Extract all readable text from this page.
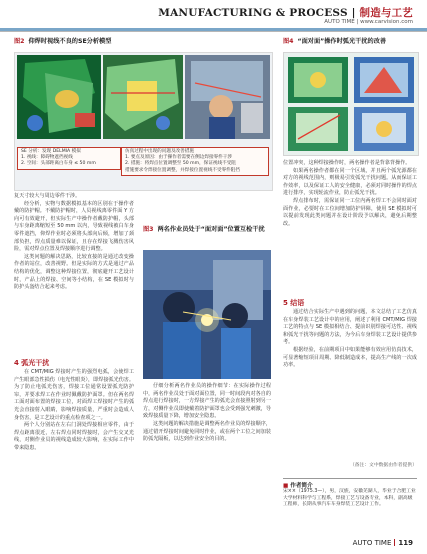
MANUFACTURING & PROCESS | 制造与工艺
AUTO TIME | www.carvision.com
图2 仰焊时视线不良的SE分析模型
SE 分析：发现 DELMIA 模拟
1. 视线：障碍物遮挡视线
2. 空间：头部距离白车身 ≤ 50 mm
仿真过程中出现的问题及改善措施
1. 要点及原因：由于操作者需要在侧边焊接零件干涉
2. 措施：将焊点位置调整至 50 mm，保证视线不受阻
措施要求令焊接位置调整，并焊接位置视线不受零件阻挡
图4 “面对面”操作时弧光干扰的改善

复天寸较大与周边零件干涉。

经分析，实物与数据模拟基本的区别在于操作者戴的防护帽。不戴防护帽时，人员视线离零件面 Y 方向可有效避开，但实际生产中操作者戴防护帽，头部与车身距离缩短至 50 mm 以内，导致视线被白车身零件遮挡，仰焊作业时必须将头部向后倾，增加了颈部负担，焊点质量难以保证，且存在焊接飞溅伤害风险，需对焊点位置及焊接顺序进行调整。

这类问题的解决思路，比较直接的是通过改变操作者的站位，改善视野。但是实际的方式是通过产品结构的优化，调整这种焊接位置，彻底避开工艺设计时，产品上的焊接、空间等小结构，在 SE 模拟时与防护头盔结合起来考虑。

4 弧光干扰

在 CMT/MIG 焊接时产生的强烈电弧，会使焊工产生眼部急性损伤（电光性眼炎），即焊接弧光伤害。为了防止电弧光伤害，焊接工位通常设置弧光防护帘，并要求焊工在作业时佩戴防护面罩。但在两名焊工面对面布置的焊接工位，对面焊工焊接时产生的弧光会直接射入眼睛，影响焊接质量，严重时会造成人身伤害，是工艺设计的重点检查项之一。

两个人分别站在左右门洞处焊接相应零件，由于焊点距离很近，左右焊点同时焊接时，会产生交叉光线，对侧作业员的视线造成较大影响，在实际工作中带来隐患。

图3 两名作业员处于“面对面”位置互检干扰

仔细分析两名作业员的操作细节：在实际操作过程中，两名作业员处于面对面位置，同一时间段内对各自的焊点进行焊接时，一方焊接产生的弧光会直接照射到另一方，对侧作业员即使戴着防护面罩也会受到强光刺激，导致焊接质量下降，增加安全隐患。

这类问题的解决措施是调整两名作业员的焊接顺序，通过错开焊接时间避免同时作业，或在两个工位之间加装防弧光隔板，以达到作业安全的目的。

位置冲突，这种焊接操作时，两名操作者是背靠背操作。

如果两名操作者都在同一个区域，并且两个弧光源都在对方的视线范围内，则极易引发弧光干扰问题。从而保证工作效率，以及保证工人的安全健康，必须对同时操作的焊点进行排序，实现轮流作业，防止弧光干扰。

焊点排布时，需保证同一工位内两名焊工不会同时面对面作业，必要时在工位间增加防护屏障，使用 SE 模拟时可以提前发现此类问题并在设计阶段予以解决，避免后期整改。

5 结语

通过结合实际生产中遇到的问题，本文总结了工艺仿真在车身焊装工艺设计中的应用，阐述了利用 CMT/MIG 焊接工艺的特点与 SE 模拟相结合、提前识别焊接可达性、视线和弧光干扰等问题的方法，为今后车身焊装工艺设计提供参考。

根据经验，在前期项目中如果能够有效应用仿真技术，可显著缩短项目周期、降低制造成本，提高生产线的一次成功率。

（备注：文中数据由作者提供）
■ 作者简介
宋××（1975.3—），男，汉族，安徽芜湖人，毕业于合肥工业大学材料科学与工程系，焊接工艺与设备专业，本科，副高级工程师，长期从事汽车车身焊装工艺设计工作。
AUTO TIME 119
